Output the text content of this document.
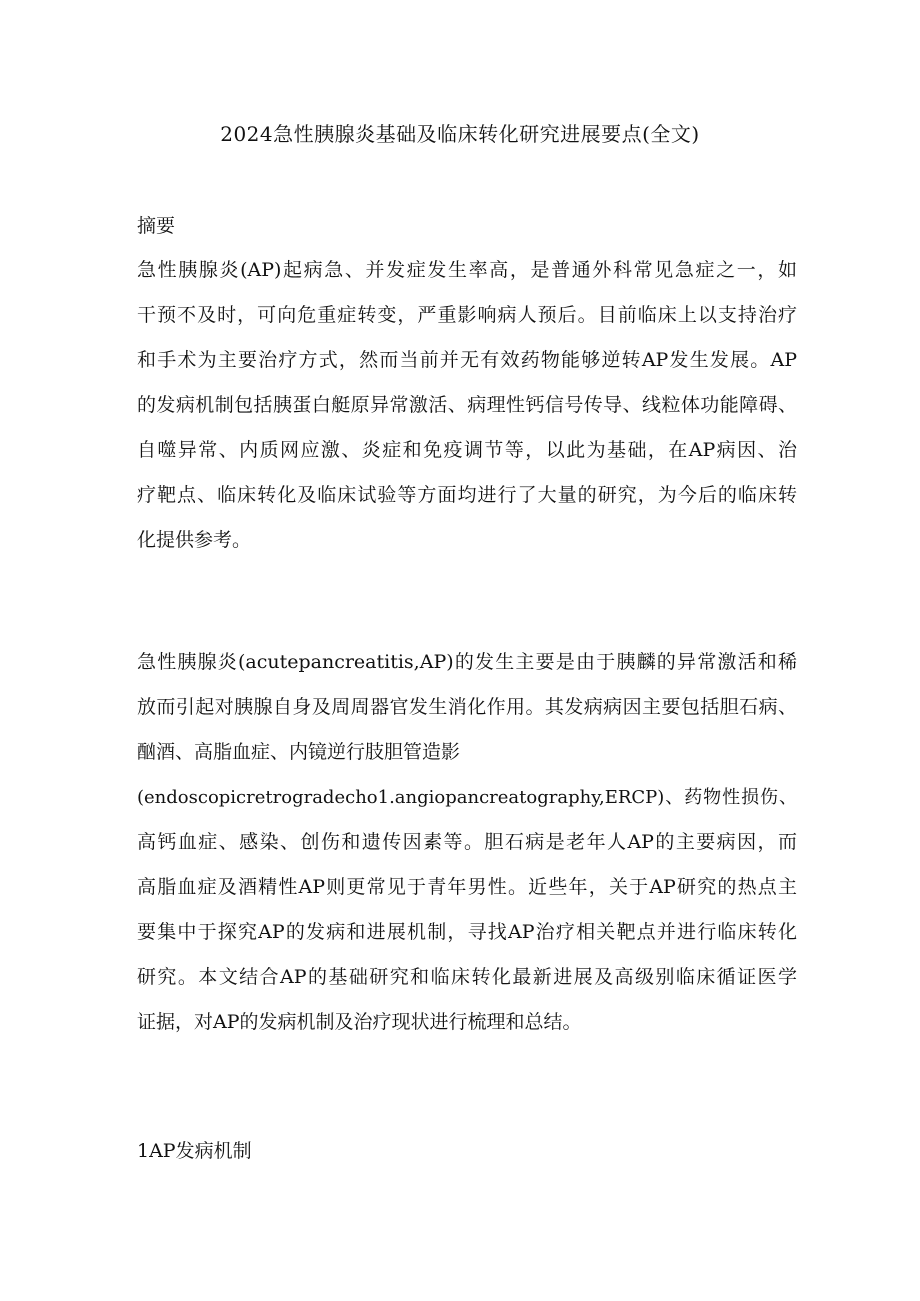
2024急性胰腺炎基础及临床转化研究进展要点(全文)
摘要
急性胰腺炎(AP)起病急、并发症发生率高，是普通外科常见急症之一，如
干预不及时，可向危重症转变，严重影响病人预后。目前临床上以支持治疗
和手术为主要治疗方式，然而当前并无有效药物能够逆转AP发生发展。AP
的发病机制包括胰蛋白艇原异常激活、病理性钙信号传导、线粒体功能障碍、
自噬异常、内质网应激、炎症和免疫调节等，以此为基础，在AP病因、治
疗靶点、临床转化及临床试验等方面均进行了大量的研究，为今后的临床转
化提供参考。
急性胰腺炎(acutepancreatitis,AP)的发生主要是由于胰麟的异常激活和稀
放而引起对胰腺自身及周周器官发生消化作用。其发病病因主要包括胆石病、
酗酒、高脂血症、内镜逆行肢胆管造影
(endoscopicretrogradecho1.angiopancreatography,ERCP)、药物性损伤、
高钙血症、感染、创伤和遗传因素等。胆石病是老年人AP的主要病因，而
高脂血症及酒精性AP则更常见于青年男性。近些年，关于AP研究的热点主
要集中于探究AP的发病和进展机制，寻找AP治疗相关靶点并进行临床转化
研究。本文结合AP的基础研究和临床转化最新进展及高级别临床循证医学
证据，对AP的发病机制及治疗现状进行梳理和总结。
1AP发病机制
